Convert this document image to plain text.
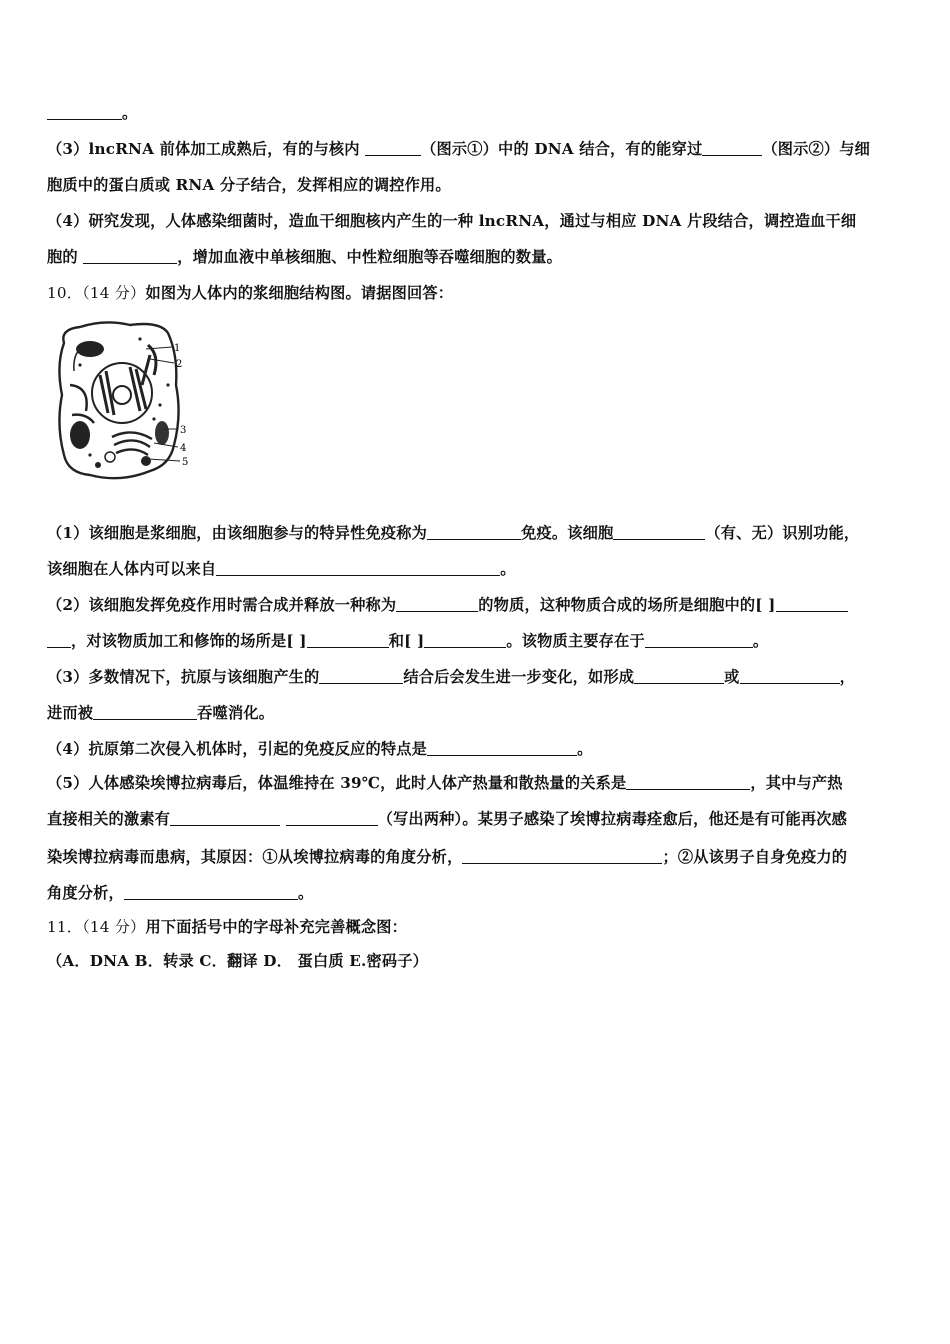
。
（3）lncRNA 前体加工成熟后，有的与核内	（图示①）中的 DNA 结合，有的能穿过	（图示②）与细
胞质中的蛋白质或 RNA 分子结合，发挥相应的调控作用。
（4）研究发现，人体感染细菌时，造血干细胞核内产生的一种 lncRNA，通过与相应 DNA 片段结合，调控造血干细
胞的	，增加血液中单核细胞、中性粒细胞等吞噬细胞的数量。
10．（14 分）如图为人体内的浆细胞结构图。请据图回答：
1
2
3
4
5
（1）该细胞是浆细胞，由该细胞参与的特异性免疫称为	免疫。该细胞	（有、无）识别功能，
该细胞在人体内可以来自	。
（2）该细胞发挥免疫作用时需合成并释放一种称为	的物质，这种物质合成的场所是细胞中的[ ]
，对该物质加工和修饰的场所是[ ]	和[ ]	。该物质主要存在于	。
（3）多数情况下，抗原与该细胞产生的	结合后会发生进一步变化，如形成	或	，
进而被	吞噬消化。
（4）抗原第二次侵入机体时，引起的免疫反应的特点是	。
（5）人体感染埃博拉病毒后，体温维持在 39℃，此时人体产热量和散热量的关系是	，其中与产热
直接相关的激素有	（写出两种）。某男子感染了埃博拉病毒痊愈后，他还是有可能再次感
染埃博拉病毒而患病，其原因：①从埃博拉病毒的角度分析，	；②从该男子自身免疫力的
角度分析，	。
11．（14 分）用下面括号中的字母补充完善概念图：
（A．DNA B．转录 C．翻译 D． 蛋白质 E.密码子）
